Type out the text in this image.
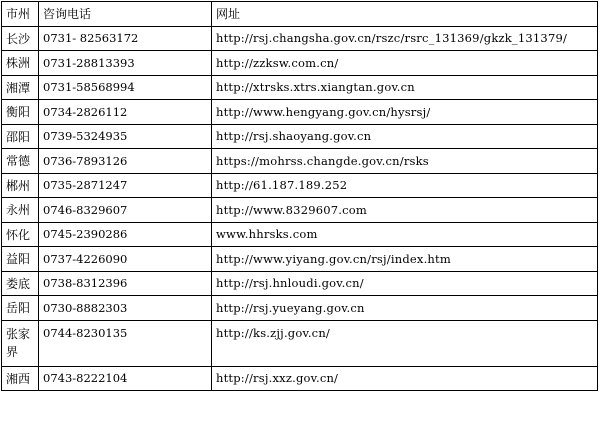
市州	咨询电话	网址
长沙	0731- 82563172	http://rsj.changsha.gov.cn/rszc/rsrc_131369/gkzk_131379/
株洲	0731-28813393	http://zzksw.com.cn/
湘潭	0731-58568994	http://xtrsks.xtrs.xiangtan.gov.cn
衡阳	0734-2826112	http://www.hengyang.gov.cn/hysrsj/
邵阳	0739-5324935	http://rsj.shaoyang.gov.cn
常德	0736-7893126	https://mohrss.changde.gov.cn/rsks
郴州	0735-2871247	http://61.187.189.252
永州	0746-8329607	http://www.8329607.com
怀化	0745-2390286	www.hhrsks.com
益阳	0737-4226090	http://www.yiyang.gov.cn/rsj/index.htm
娄底	0738-8312396	http://rsj.hnloudi.gov.cn/
岳阳	0730-8882303	http://rsj.yueyang.gov.cn
张家界	0744-8230135	http://ks.zjj.gov.cn/
湘西	0743-8222104	http://rsj.xxz.gov.cn/
